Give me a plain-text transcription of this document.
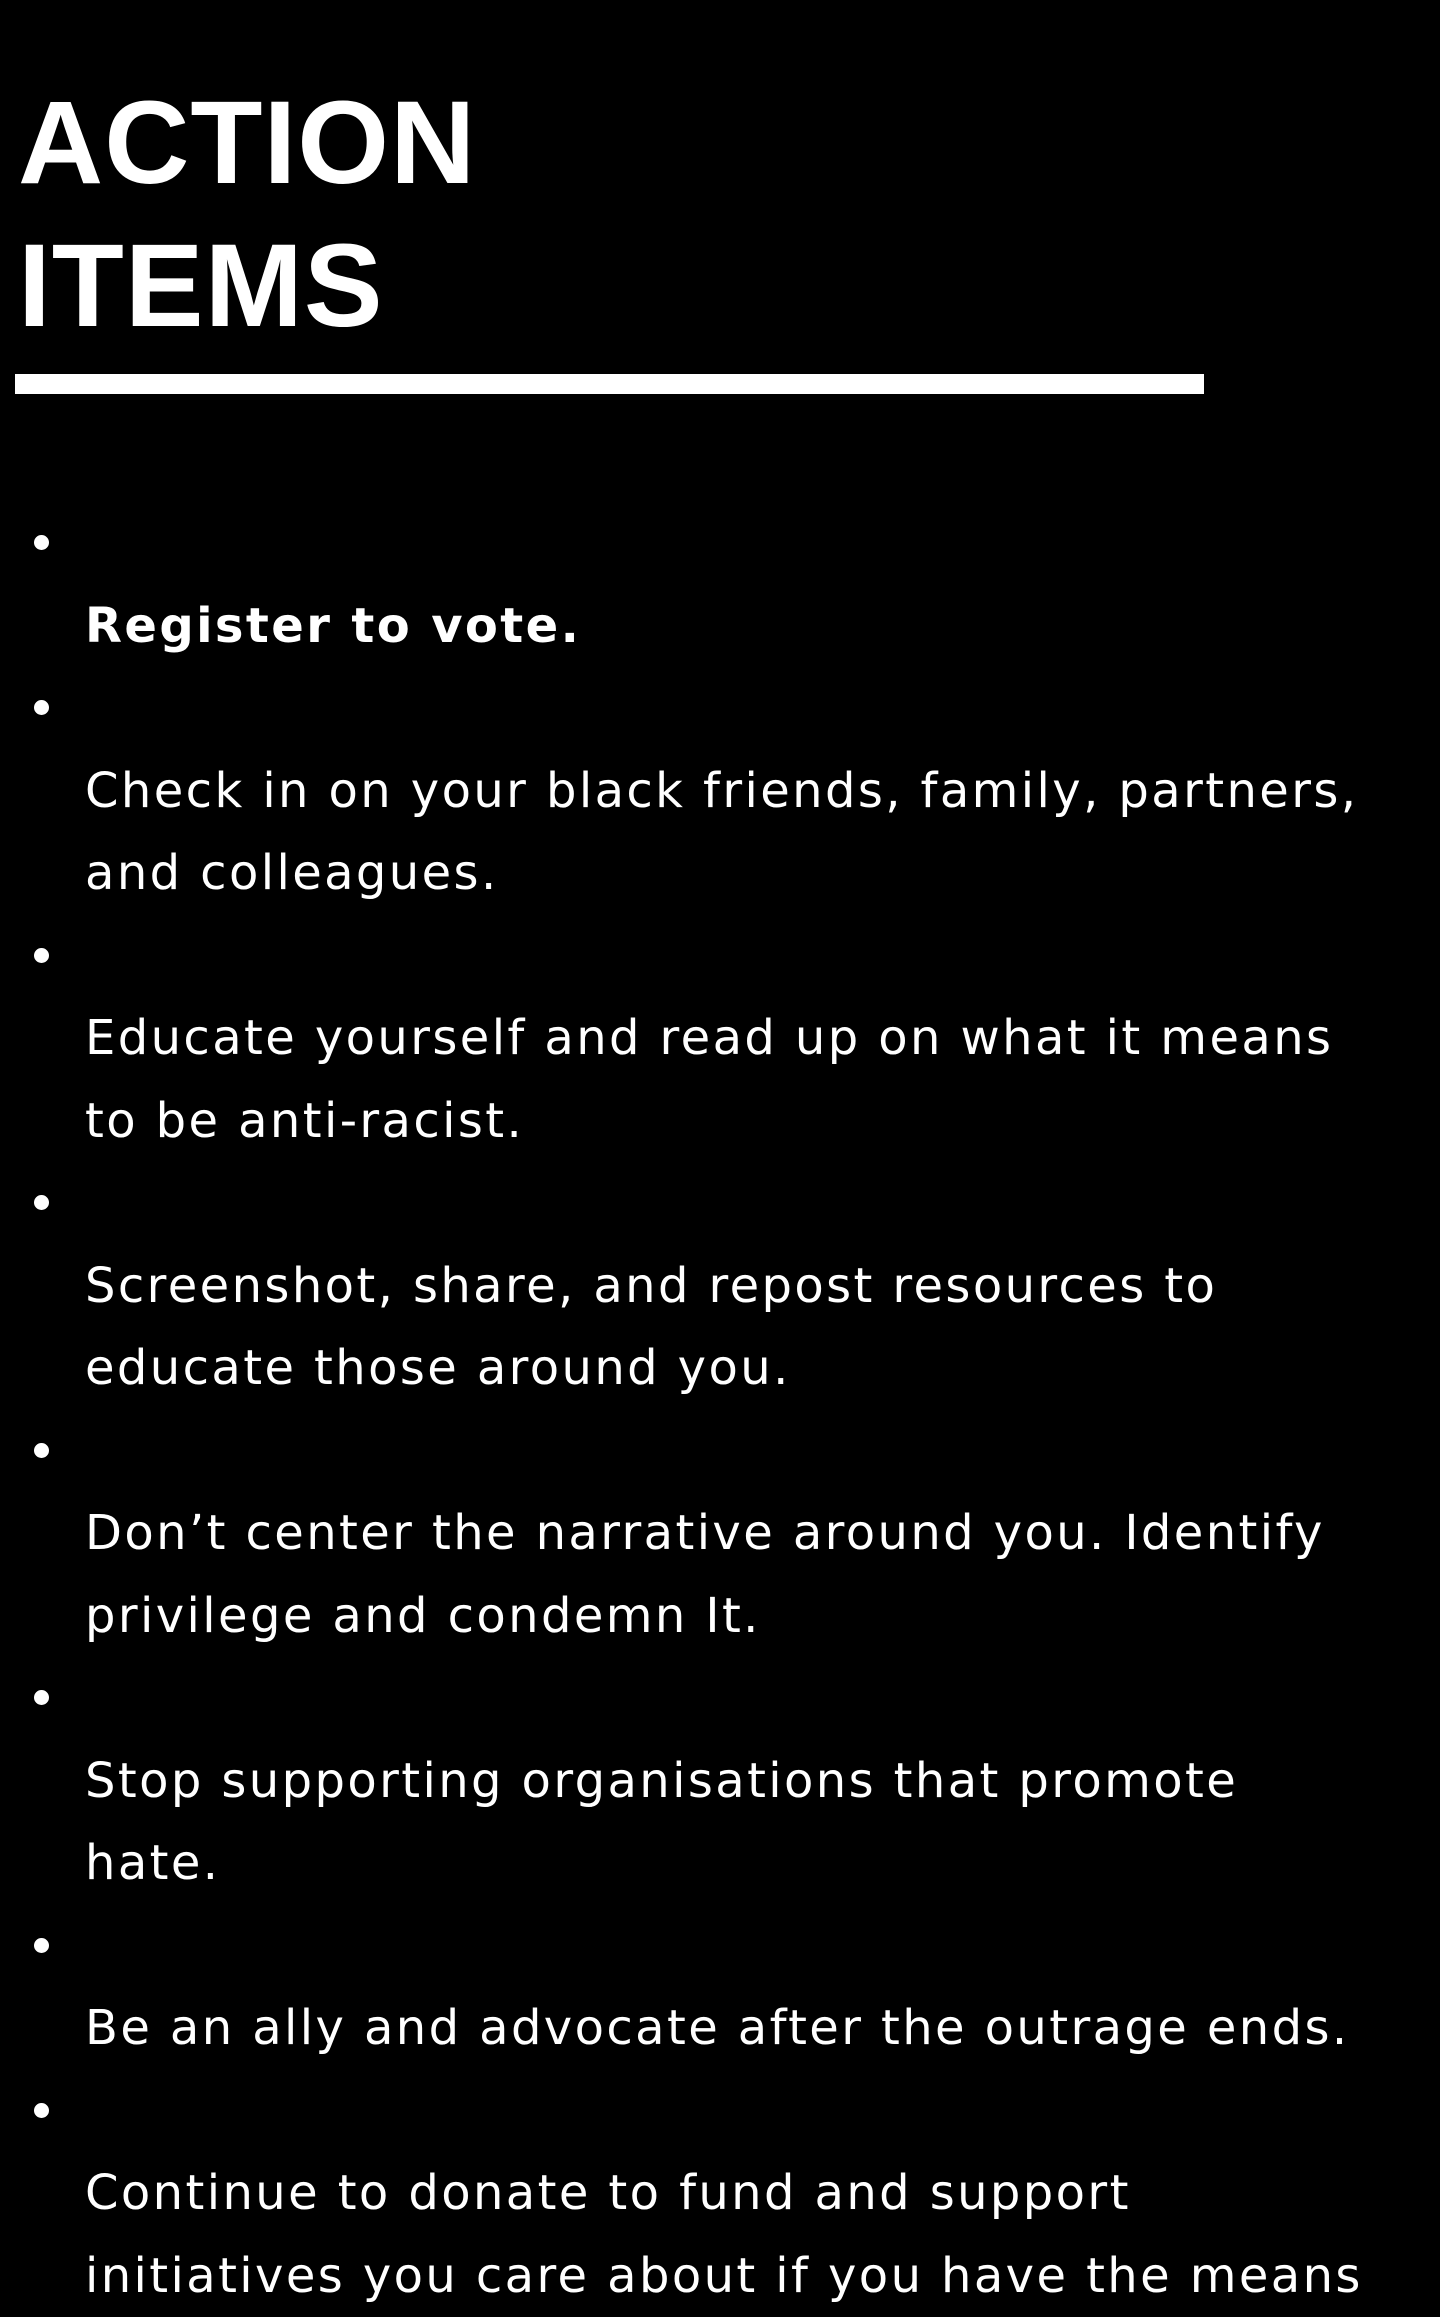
ACTION
ITEMS

Register to vote.

Check in on your black friends, family, partners,
and colleagues.

Educate yourself and read up on what it means
to be anti-racist.

Screenshot, share, and repost resources to
educate those around you.

Don’t center the narrative around you. Identify
privilege and condemn It.

Stop supporting organisations that promote
hate.

Be an ally and advocate after the outrage ends.

Continue to donate to fund and support
initiatives you care about if you have the means
